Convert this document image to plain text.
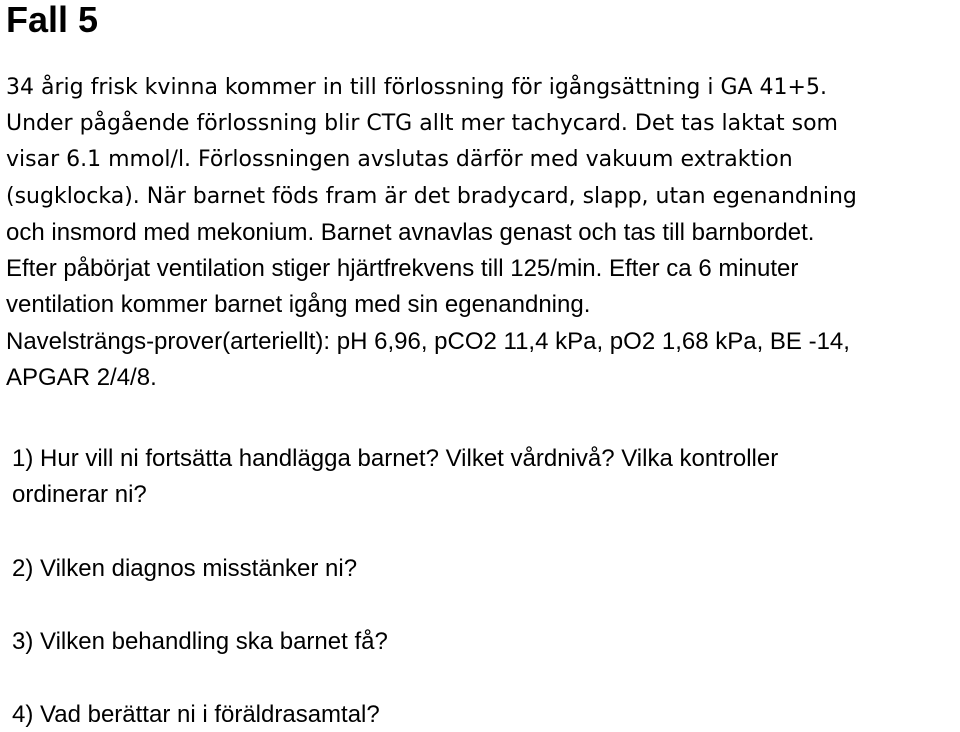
Fall 5
34 årig frisk kvinna kommer in till förlossning för igångsättning i GA 41+5.
Under pågående förlossning blir CTG allt mer tachycard. Det tas laktat som
visar 6.1 mmol/l. Förlossningen avslutas därför med vakuum extraktion
(sugklocka). När barnet föds fram är det bradycard, slapp, utan egenandning
och insmord med mekonium. Barnet avnavlas genast och tas till barnbordet.
Efter påbörjat ventilation stiger hjärtfrekvens till 125/min. Efter ca 6 minuter
ventilation kommer barnet igång med sin egenandning.
Navelsträngs-prover(arteriellt): pH 6,96, pCO2 11,4 kPa, pO2 1,68 kPa, BE -14,
APGAR 2/4/8.
1) Hur vill ni fortsätta handlägga barnet? Vilket vårdnivå? Vilka kontroller
ordinerar ni?
2) Vilken diagnos misstänker ni?
3) Vilken behandling ska barnet få?
4) Vad berättar ni i föräldrasamtal?
